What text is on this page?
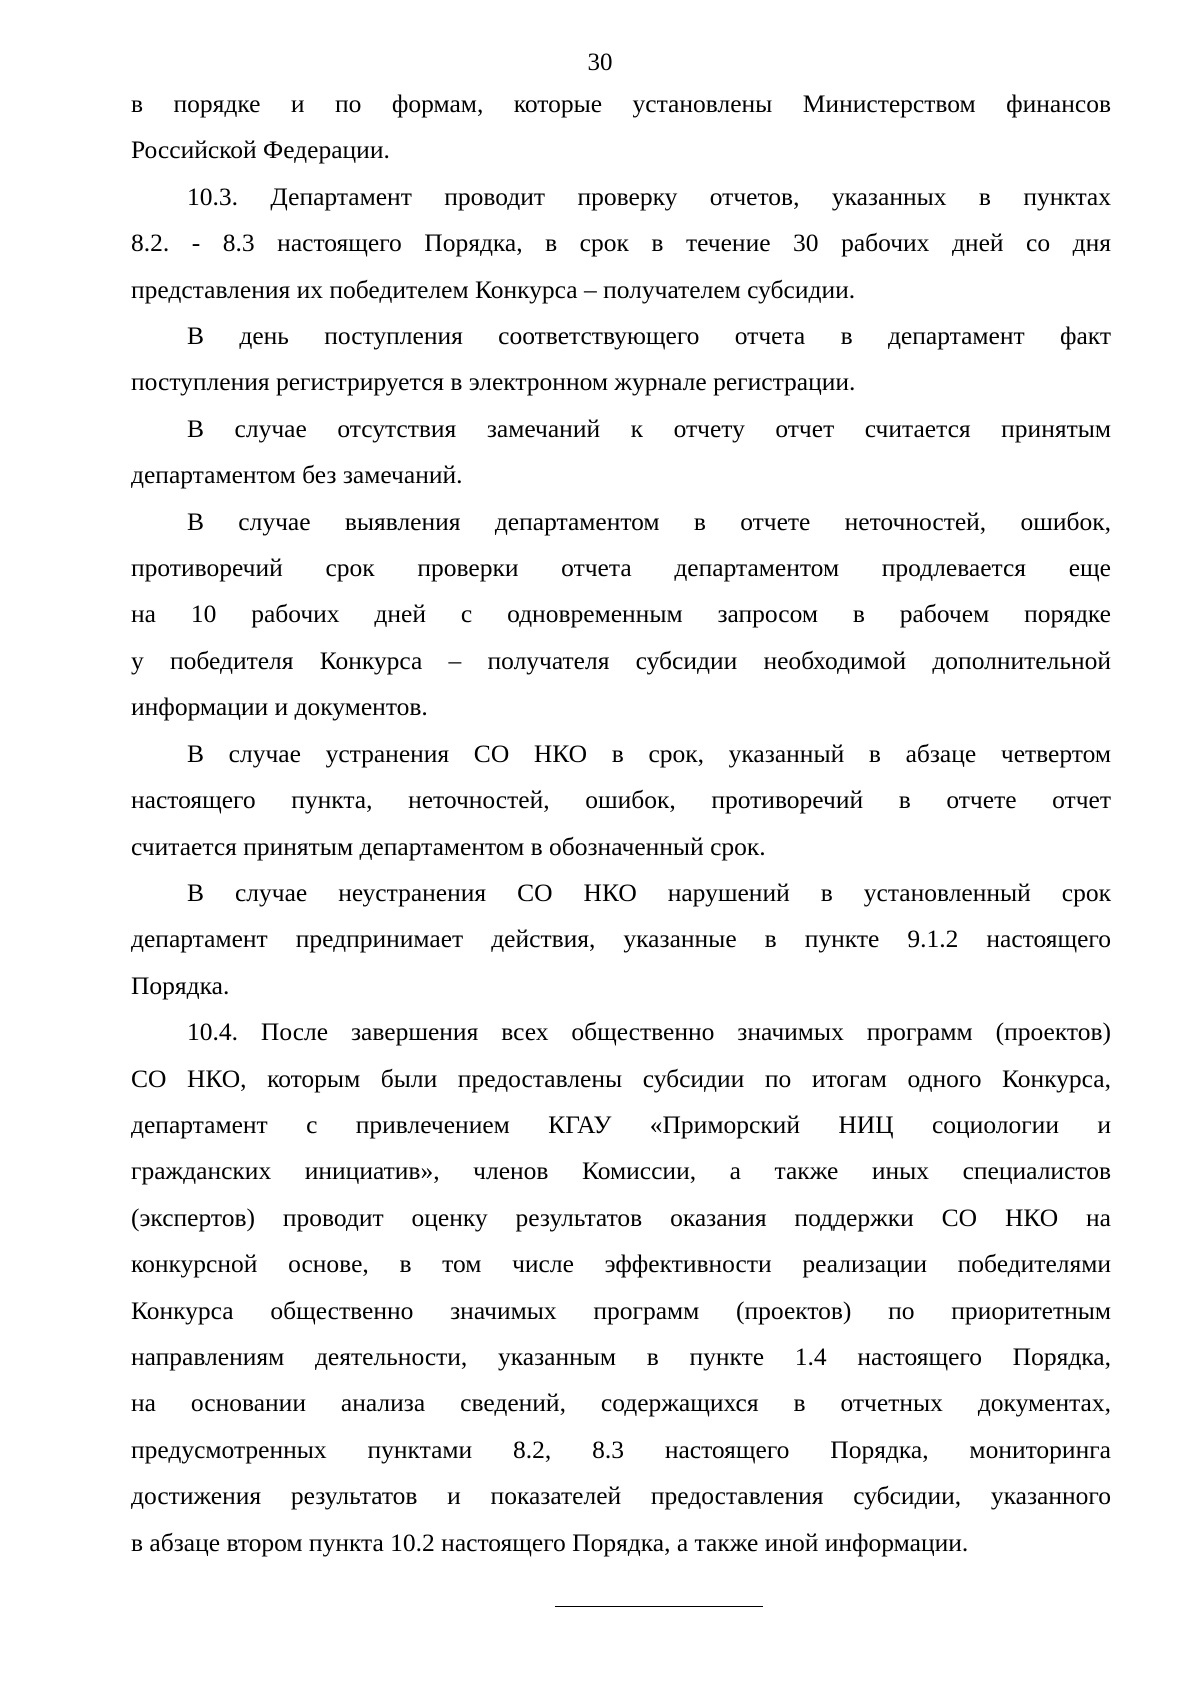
30
в порядке и по формам, которые установлены Министерством финансов
Российской Федерации.
10.3. Департамент проводит проверку отчетов, указанных в пунктах
8.2. - 8.3 настоящего Порядка, в срок в течение 30 рабочих дней со дня
представления их победителем Конкурса – получателем субсидии.
В день поступления соответствующего отчета в департамент факт
поступления регистрируется в электронном журнале регистрации.
В случае отсутствия замечаний к отчету отчет считается принятым
департаментом без замечаний.
В случае выявления департаментом в отчете неточностей, ошибок,
противоречий срок проверки отчета департаментом продлевается еще
на 10 рабочих дней с одновременным запросом в рабочем порядке
у победителя Конкурса – получателя субсидии необходимой дополнительной
информации и документов.
В случае устранения СО НКО в срок, указанный в абзаце четвертом
настоящего пункта, неточностей, ошибок, противоречий в отчете отчет
считается принятым департаментом в обозначенный срок.
В случае неустранения СО НКО нарушений в установленный срок
департамент предпринимает действия, указанные в пункте 9.1.2 настоящего
Порядка.
10.4. После завершения всех общественно значимых программ (проектов)
СО НКО, которым были предоставлены субсидии по итогам одного Конкурса,
департамент с привлечением КГАУ «Приморский НИЦ социологии и
гражданских инициатив», членов Комиссии, а также иных специалистов
(экспертов) проводит оценку результатов оказания поддержки СО НКО на
конкурсной основе, в том числе эффективности реализации победителями
Конкурса общественно значимых программ (проектов) по приоритетным
направлениям деятельности, указанным в пункте 1.4 настоящего Порядка,
на основании анализа сведений, содержащихся в отчетных документах,
предусмотренных пунктами 8.2, 8.3 настоящего Порядка, мониторинга
достижения результатов и показателей предоставления субсидии, указанного
в абзаце втором пункта 10.2 настоящего Порядка, а также иной информации.
